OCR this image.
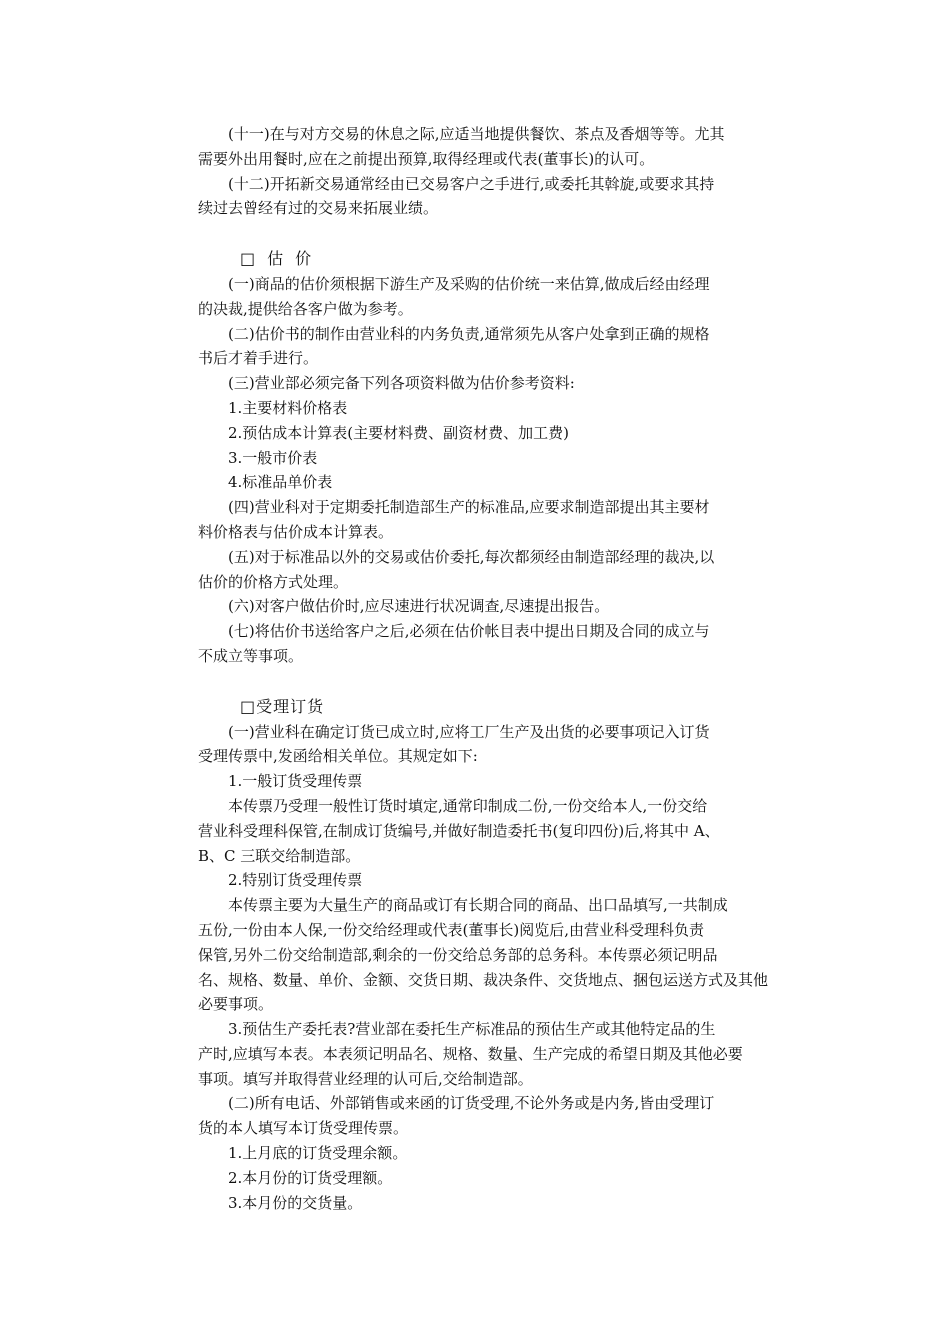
(十一)在与对方交易的休息之际,应适当地提供餐饮、茶点及香烟等等。尤其
需要外出用餐时,应在之前提出预算,取得经理或代表(董事长)的认可。
(十二)开拓新交易通常经由已交易客户之手进行,或委托其斡旋,或要求其持
续过去曾经有过的交易来拓展业绩。
□估价
(一)商品的估价须根据下游生产及采购的估价统一来估算,做成后经由经理
的决裁,提供给各客户做为参考。
(二)估价书的制作由营业科的内务负责,通常须先从客户处拿到正确的规格
书后才着手进行。
(三)营业部必须完备下列各项资料做为估价参考资料:
1.主要材料价格表
2.预估成本计算表(主要材料费、副资材费、加工费)
3.一般市价表
4.标准品单价表
(四)营业科对于定期委托制造部生产的标准品,应要求制造部提出其主要材
料价格表与估价成本计算表。
(五)对于标准品以外的交易或估价委托,每次都须经由制造部经理的裁决,以
估价的价格方式处理。
(六)对客户做估价时,应尽速进行状况调查,尽速提出报告。
(七)将估价书送给客户之后,必须在估价帐目表中提出日期及合同的成立与
不成立等事项。
□受理订货
(一)营业科在确定订货已成立时,应将工厂生产及出货的必要事项记入订货
受理传票中,发函给相关单位。其规定如下:
1.一般订货受理传票
本传票乃受理一般性订货时填定,通常印制成二份,一份交给本人,一份交给
营业科受理科保管,在制成订货编号,并做好制造委托书(复印四份)后,将其中 A、
B、C 三联交给制造部。
2.特别订货受理传票
本传票主要为大量生产的商品或订有长期合同的商品、出口品填写,一共制成
五份,一份由本人保,一份交给经理或代表(董事长)阅览后,由营业科受理科负责
保管,另外二份交给制造部,剩余的一份交给总务部的总务科。本传票必须记明品
名、规格、数量、单价、金额、交货日期、裁决条件、交货地点、捆包运送方式及其他
必要事项。
3.预估生产委托表?营业部在委托生产标准品的预估生产或其他特定品的生
产时,应填写本表。本表须记明品名、规格、数量、生产完成的希望日期及其他必要
事项。填写并取得营业经理的认可后,交给制造部。
(二)所有电话、外部销售或来函的订货受理,不论外务或是内务,皆由受理订
货的本人填写本订货受理传票。
1.上月底的订货受理余额。
2.本月份的订货受理额。
3.本月份的交货量。
